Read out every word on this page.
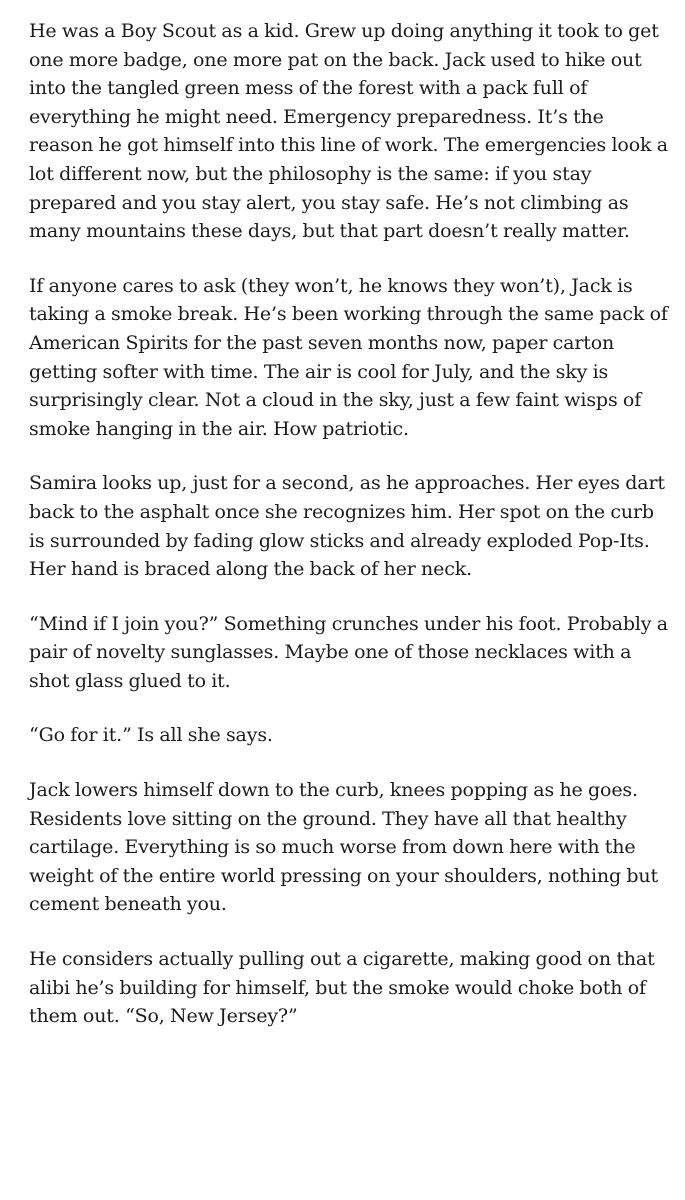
He was a Boy Scout as a kid. Grew up doing anything it took to get one more badge, one more pat on the back. Jack used to hike out into the tangled green mess of the forest with a pack full of everything he might need. Emergency preparedness. It’s the reason he got himself into this line of work. The emergencies look a lot different now, but the philosophy is the same: if you stay prepared and you stay alert, you stay safe. He’s not climbing as many mountains these days, but that part doesn’t really matter.

If anyone cares to ask (they won’t, he knows they won’t), Jack is taking a smoke break. He’s been working through the same pack of American Spirits for the past seven months now, paper carton getting softer with time. The air is cool for July, and the sky is surprisingly clear. Not a cloud in the sky, just a few faint wisps of smoke hanging in the air. How patriotic.

Samira looks up, just for a second, as he approaches. Her eyes dart back to the asphalt once she recognizes him. Her spot on the curb is surrounded by fading glow sticks and already exploded Pop-Its. Her hand is braced along the back of her neck.

“Mind if I join you?” Something crunches under his foot. Probably a pair of novelty sunglasses. Maybe one of those necklaces with a shot glass glued to it.

“Go for it.” Is all she says.

Jack lowers himself down to the curb, knees popping as he goes. Residents love sitting on the ground. They have all that healthy cartilage. Everything is so much worse from down here with the weight of the entire world pressing on your shoulders, nothing but cement beneath you.

He considers actually pulling out a cigarette, making good on that alibi he’s building for himself, but the smoke would choke both of them out. “So, New Jersey?”
